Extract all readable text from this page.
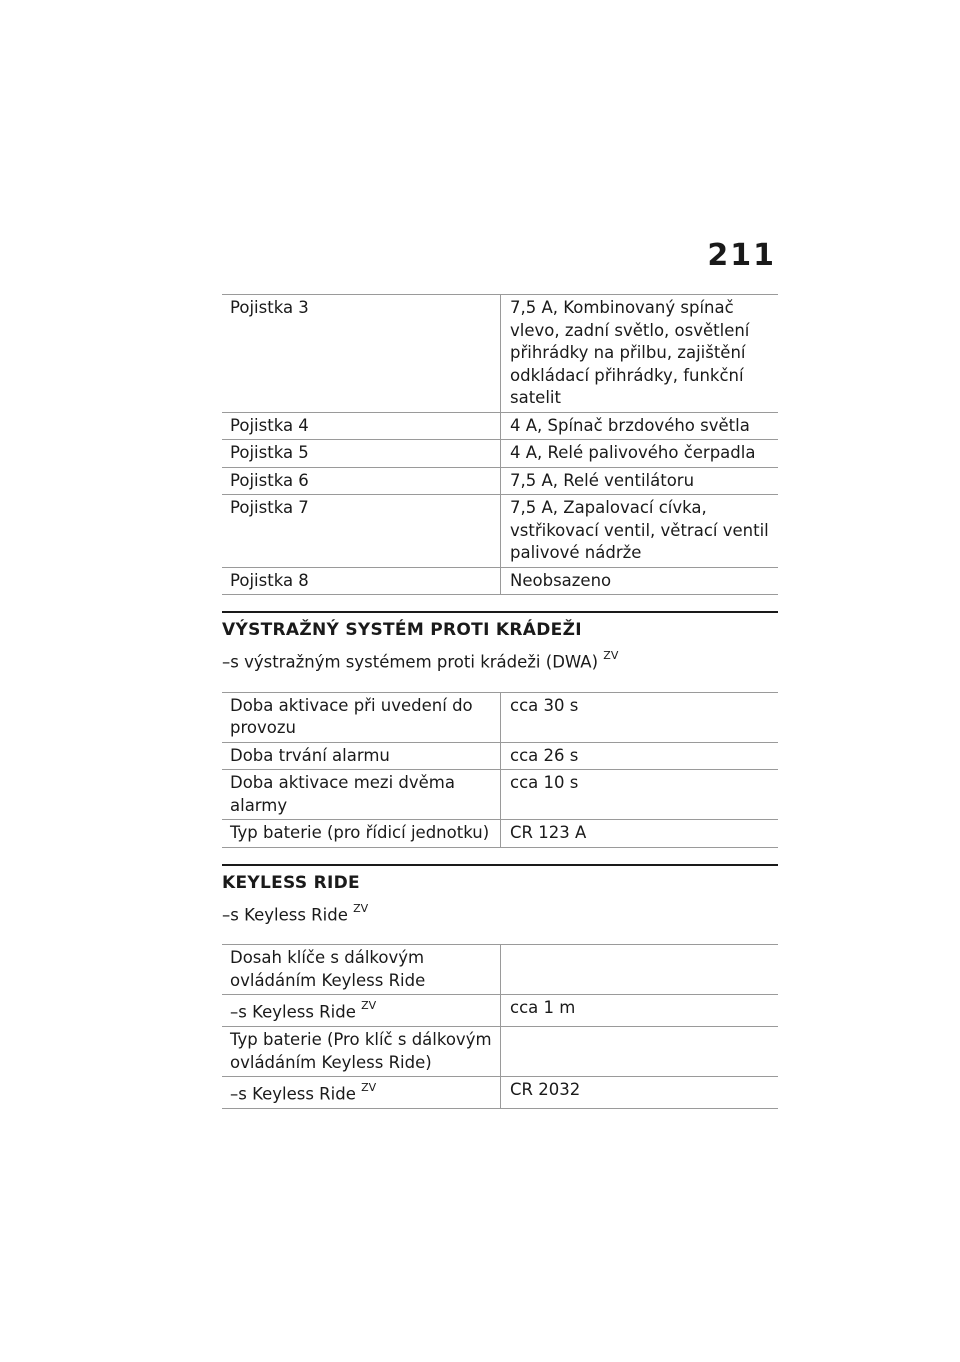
211
Pojistka 3	7,5 A, Kombinovaný spínač vlevo, zadní světlo, osvětlení přihrádky na přilbu, zajištění odkládací přihrádky, funkční satelit
Pojistka 4	4 A, Spínač brzdového světla
Pojistka 5	4 A, Relé palivového čerpadla
Pojistka 6	7,5 A, Relé ventilátoru
Pojistka 7	7,5 A, Zapalovací cívka, vstřikovací ventil, větrací ventil palivové nádrže
Pojistka 8	Neobsazeno
VÝSTRAŽNÝ SYSTÉM PROTI KRÁDEŽI

–s výstražným systémem proti krádeži (DWA) $^{ZV}$

Doba aktivace při uvedení do provozu	cca 30 s
Doba trvání alarmu	cca 26 s
Doba aktivace mezi dvěma alarmy	cca 10 s
Typ baterie (pro řídicí jednotku)	CR 123 A
KEYLESS RIDE

–s Keyless Ride $^{ZV}$

Dosah klíče s dálkovým ovládáním Keyless Ride	
–s Keyless Ride $^{ZV}$	cca 1 m
Typ baterie (Pro klíč s dálkovým ovládáním Keyless Ride)	
–s Keyless Ride $^{ZV}$	CR 2032
